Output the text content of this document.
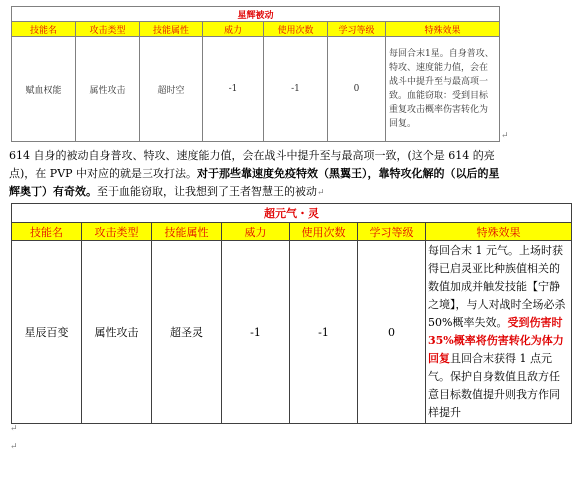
星辉被动						
技能名	攻击类型	技能属性	威力	使用次数	学习等级	特殊效果
赋血权能	属性攻击	超时空	-1	-1	0	每回合末1星。自身普攻、特攻、速度能力值，会在战斗中提升至与最高项一致。血能窃取：受到目标重复攻击概率伤害转化为回复。
↵
614 自身的被动自身普攻、特攻、速度能力值，会在战斗中提升至与最高项一致，(这个是 614 的亮点)，在 PVP 中对应的就是三攻打法。对于那些靠速度免疫特效（黑翼王），靠特攻化解的（以后的星辉奥丁）有奇效。至于血能窃取，让我想到了王者智慧王的被动↵
超元气・灵						
技能名	攻击类型	技能属性	威力	使用次数	学习等级	特殊效果
星辰百变	属性攻击	超圣灵	-1	-1	0	每回合末 1 元气。上场时获得已启灵亚比种族值相关的数值加成并触发技能【宁静之境】，与人对战时全场必杀 50%概率失效。受到伤害时 35%概率将伤害转化为体力回复且回合末获得 1 点元气。保护自身数值且敌方任意目标数值提升则我方作同样提升
↵
↵
